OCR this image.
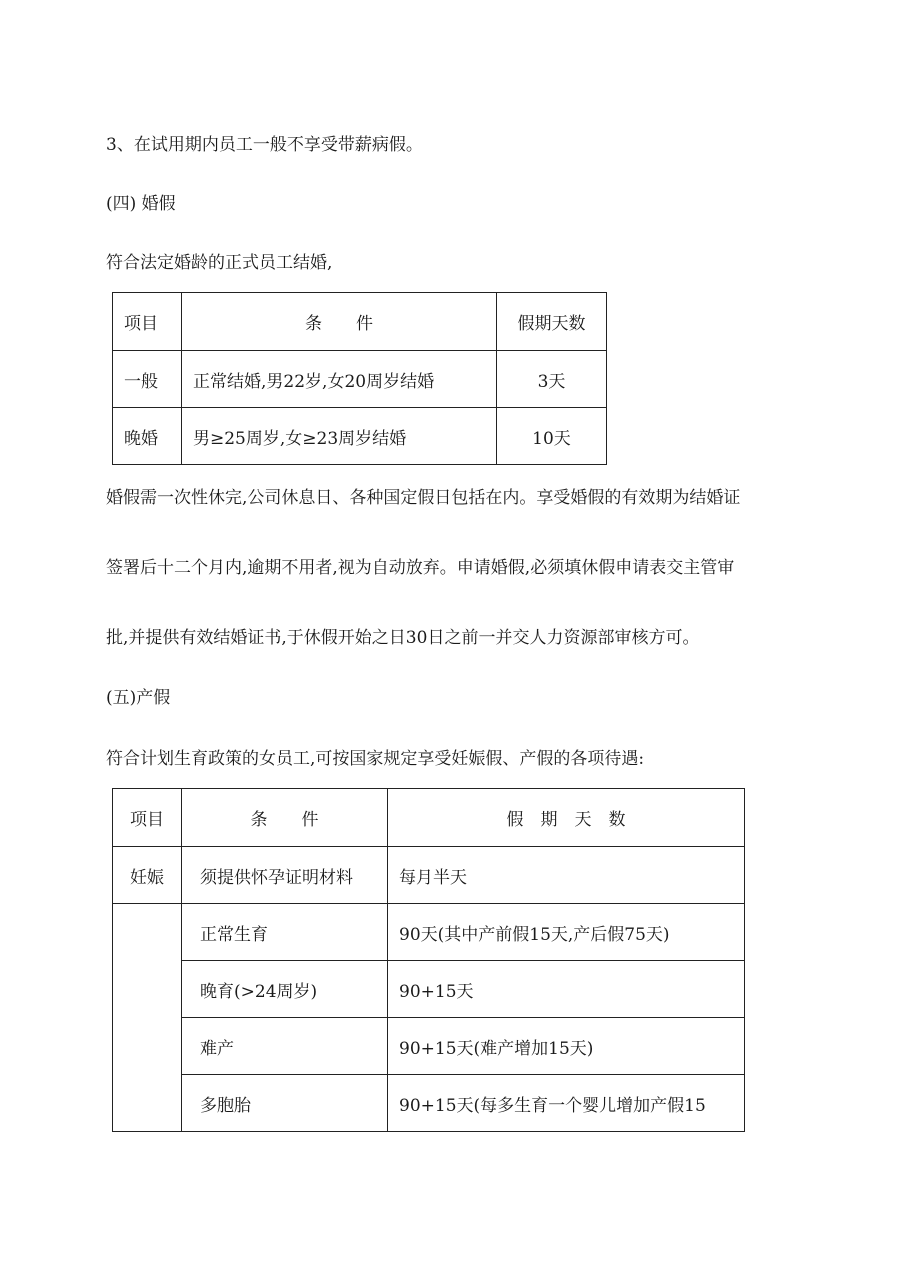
3、在试用期内员工一般不享受带薪病假。
(四) 婚假
符合法定婚龄的正式员工结婚,
项目	条　　件	假期天数
一般	正常结婚,男22岁,女20周岁结婚	3天
晚婚	男≥25周岁,女≥23周岁结婚	10天
婚假需一次性休完,公司休息日、各种国定假日包括在内。享受婚假的有效期为结婚证
签署后十二个月内,逾期不用者,视为自动放弃。申请婚假,必须填休假申请表交主管审
批,并提供有效结婚证书,于休假开始之日30日之前一并交人力资源部审核方可。
(五)产假
符合计划生育政策的女员工,可按国家规定享受妊娠假、产假的各项待遇:
项目	条　　件	假　期　天　数
妊娠	须提供怀孕证明材料	每月半天
	正常生育	90天(其中产前假15天,产后假75天)
	晚育(>24周岁)	90+15天
	难产	90+15天(难产增加15天)
	多胞胎	90+15天(每多生育一个婴儿增加产假15
